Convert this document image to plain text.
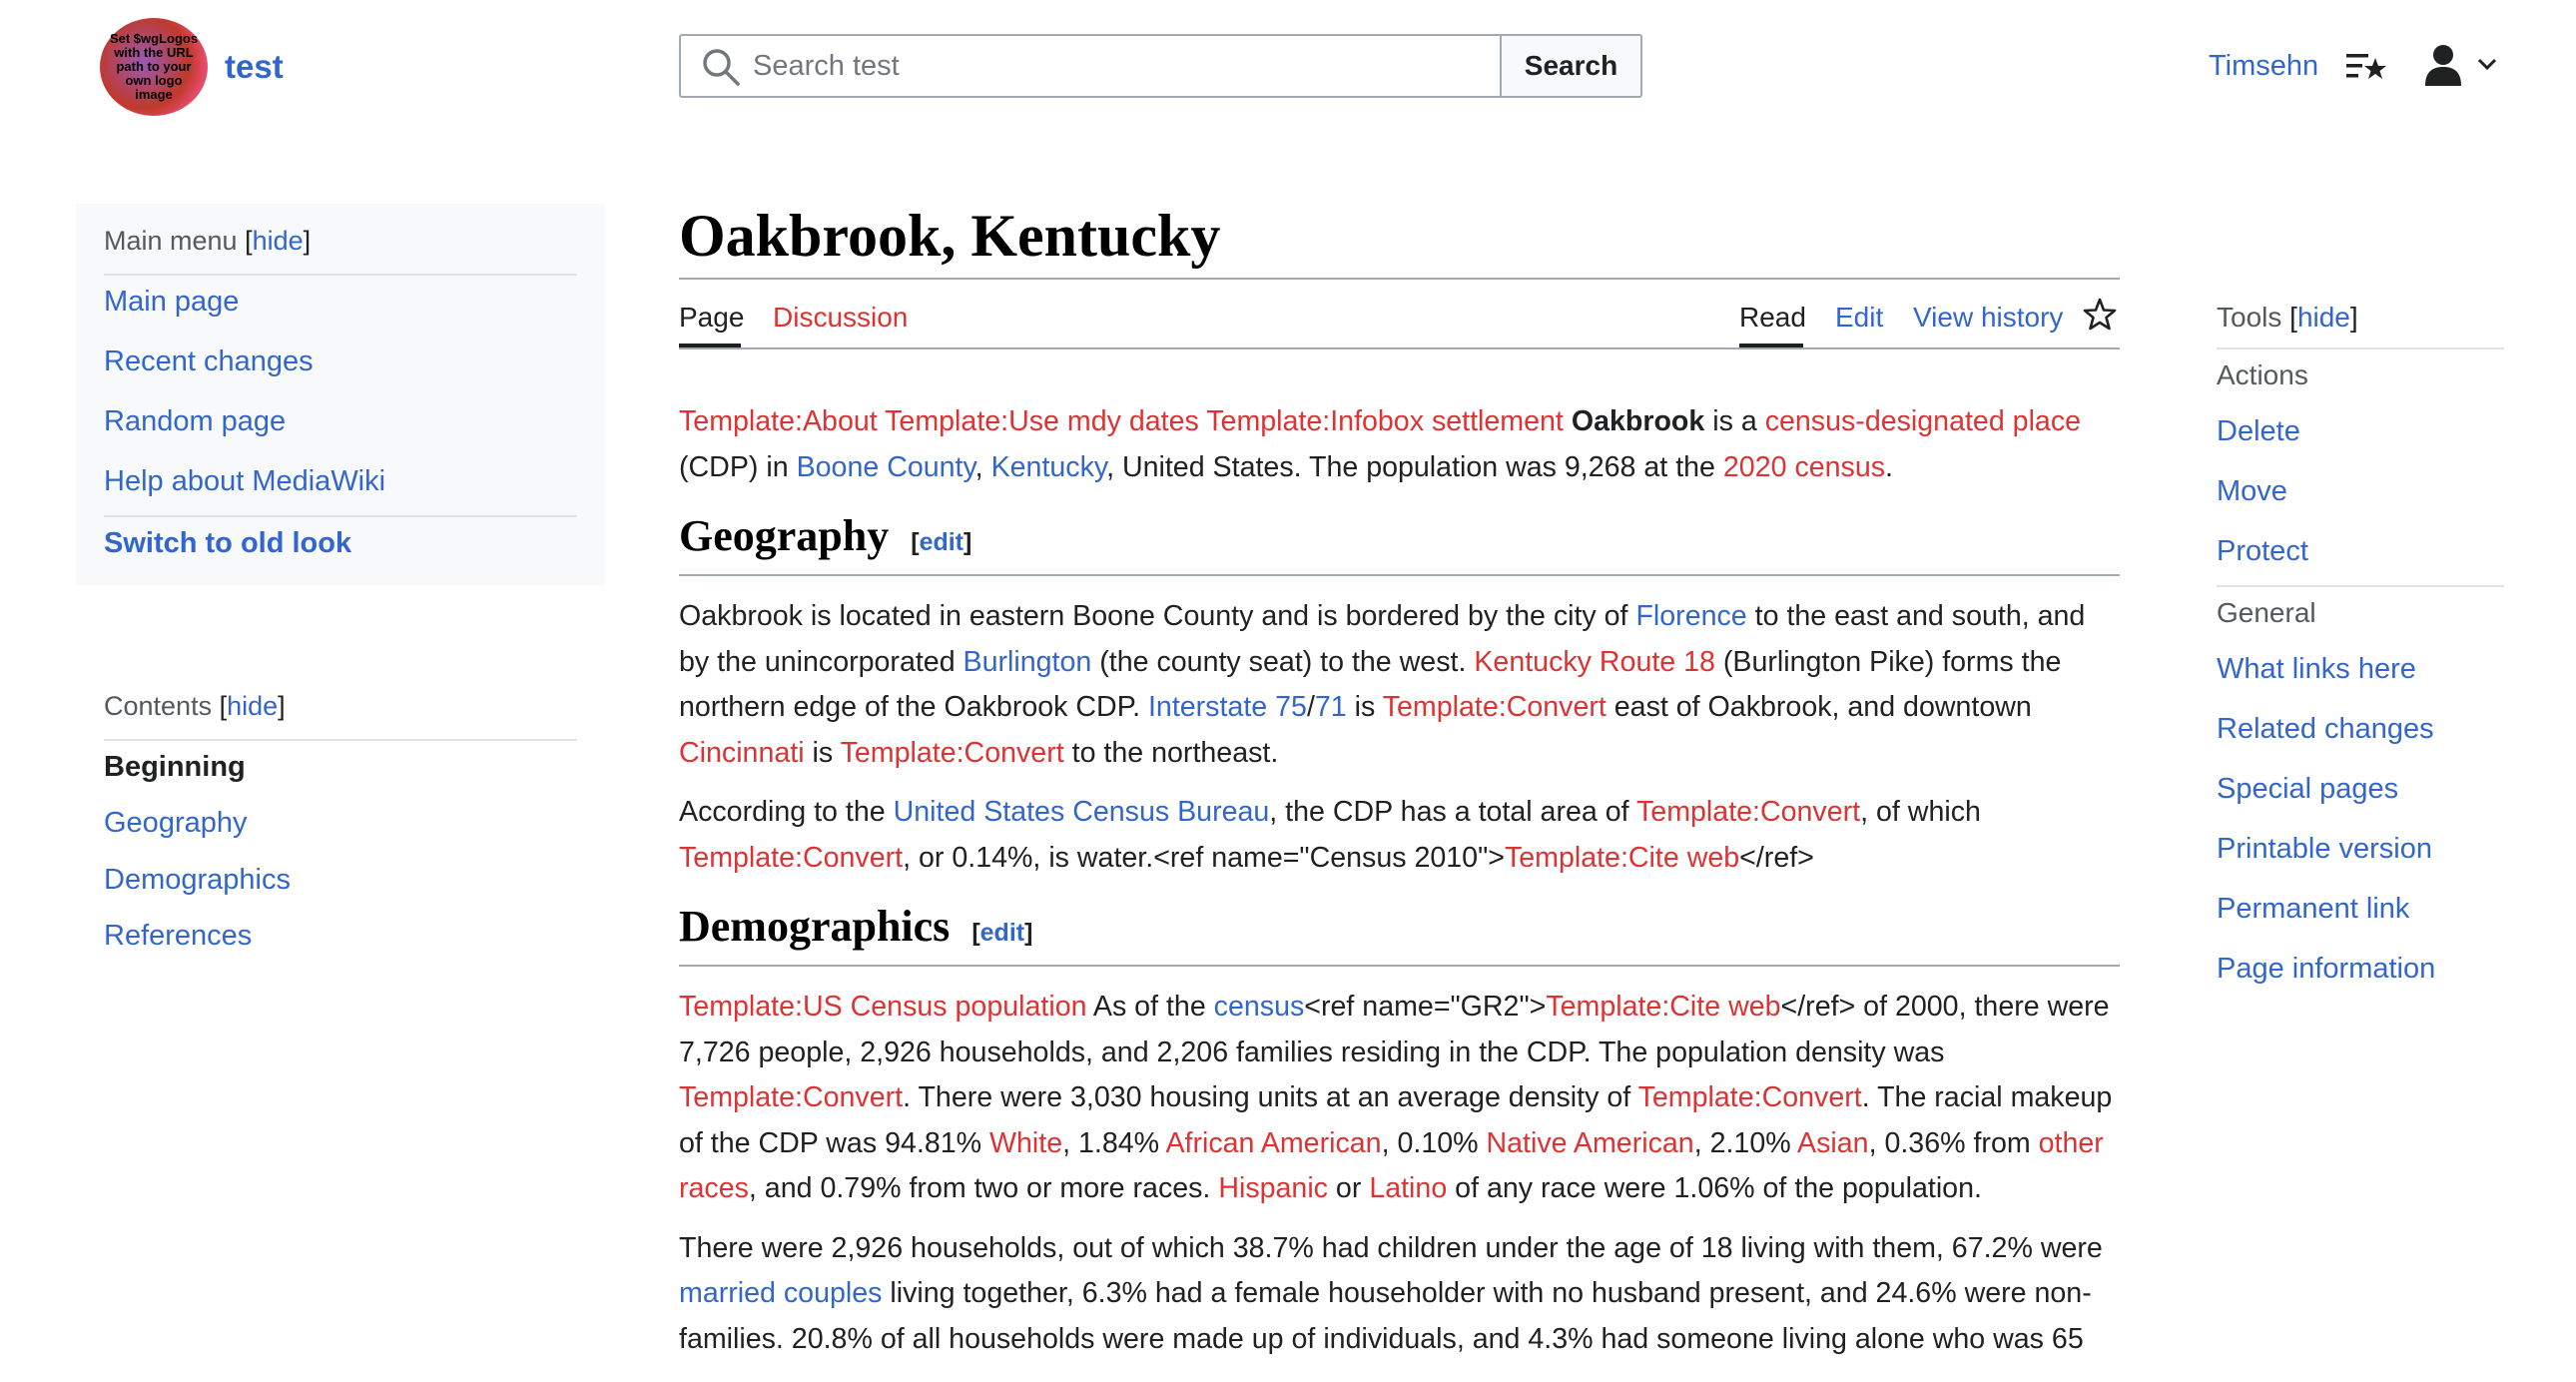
Set $wgLogos with the URL path to your own logo image
test
Search test	Search	Timsehn
Main menu [hide]
Main page
Recent changes
Random page
Help about MediaWiki
Switch to old look
Contents [hide]
Beginning
Geography
Demographics
References
Oakbrook, Kentucky
Page Discussion	Read Edit View history

Template:About Template:Use mdy dates Template:Infobox settlement Oakbrook is a census-designated place (CDP) in Boone County, Kentucky, United States. The population was 9,268 at the 2020 census.

Geography [edit]

Oakbrook is located in eastern Boone County and is bordered by the city of Florence to the east and south, and by the unincorporated Burlington (the county seat) to the west. Kentucky Route 18 (Burlington Pike) forms the northern edge of the Oakbrook CDP. Interstate 75/71 is Template:Convert east of Oakbrook, and downtown Cincinnati is Template:Convert to the northeast.

According to the United States Census Bureau, the CDP has a total area of Template:Convert, of which Template:Convert, or 0.14%, is water.<ref name="Census 2010">Template:Cite web</ref>

Demographics [edit]

Template:US Census population As of the census<ref name="GR2">Template:Cite web</ref> of 2000, there were 7,726 people, 2,926 households, and 2,206 families residing in the CDP. The population density was Template:Convert. There were 3,030 housing units at an average density of Template:Convert. The racial makeup of the CDP was 94.81% White, 1.84% African American, 0.10% Native American, 2.10% Asian, 0.36% from other races, and 0.79% from two or more races. Hispanic or Latino of any race were 1.06% of the population.

There were 2,926 households, out of which 38.7% had children under the age of 18 living with them, 67.2% were married couples living together, 6.3% had a female householder with no husband present, and 24.6% were non-families. 20.8% of all households were made up of individuals, and 4.3% had someone living alone who was 65

Tools [hide]
Actions
Delete
Move
Protect
General
What links here
Related changes
Special pages
Printable version
Permanent link
Page information
